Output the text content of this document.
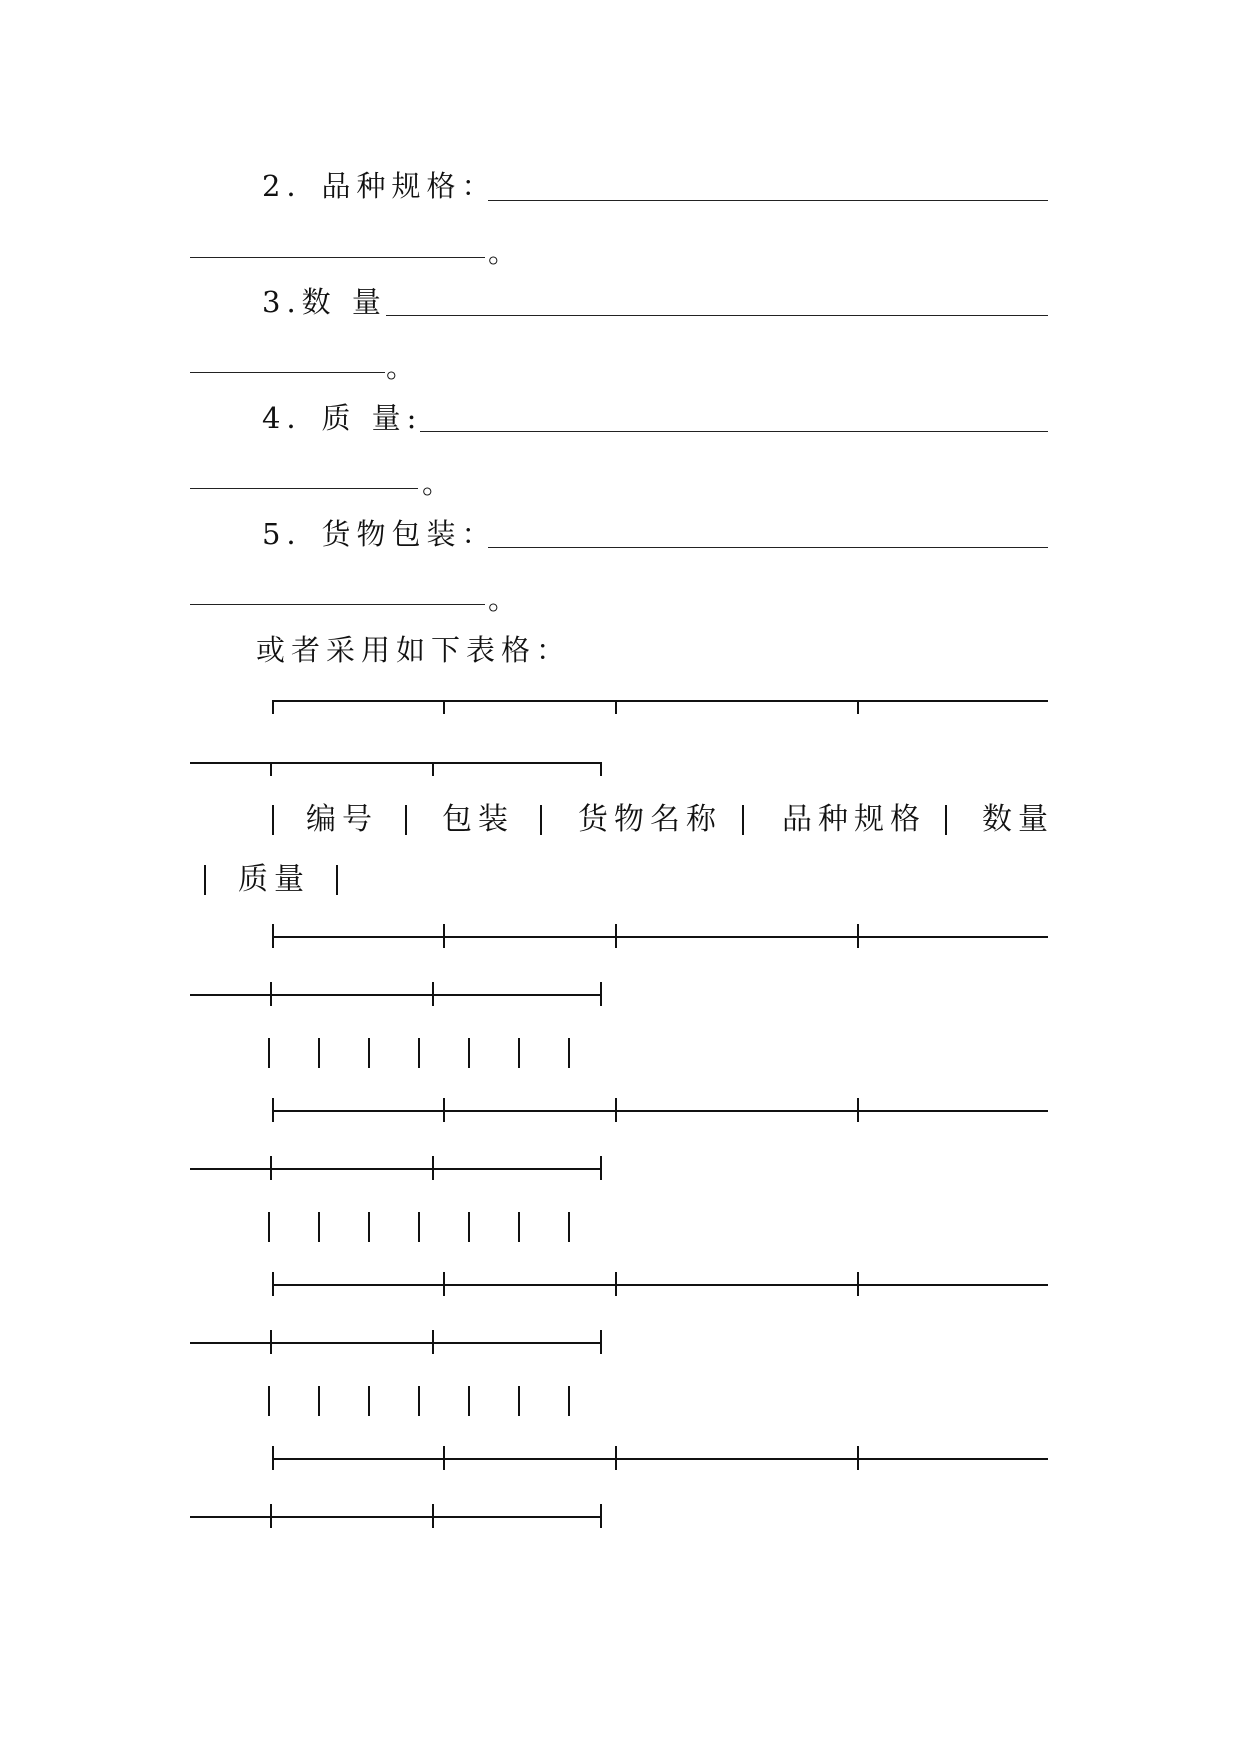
2．品种规格：
。
3.数 量
。
4．质 量:
。
5．货物包装：
。
或者采用如下表格：
编号 包装 货物名称 品种规格 数量
质量
